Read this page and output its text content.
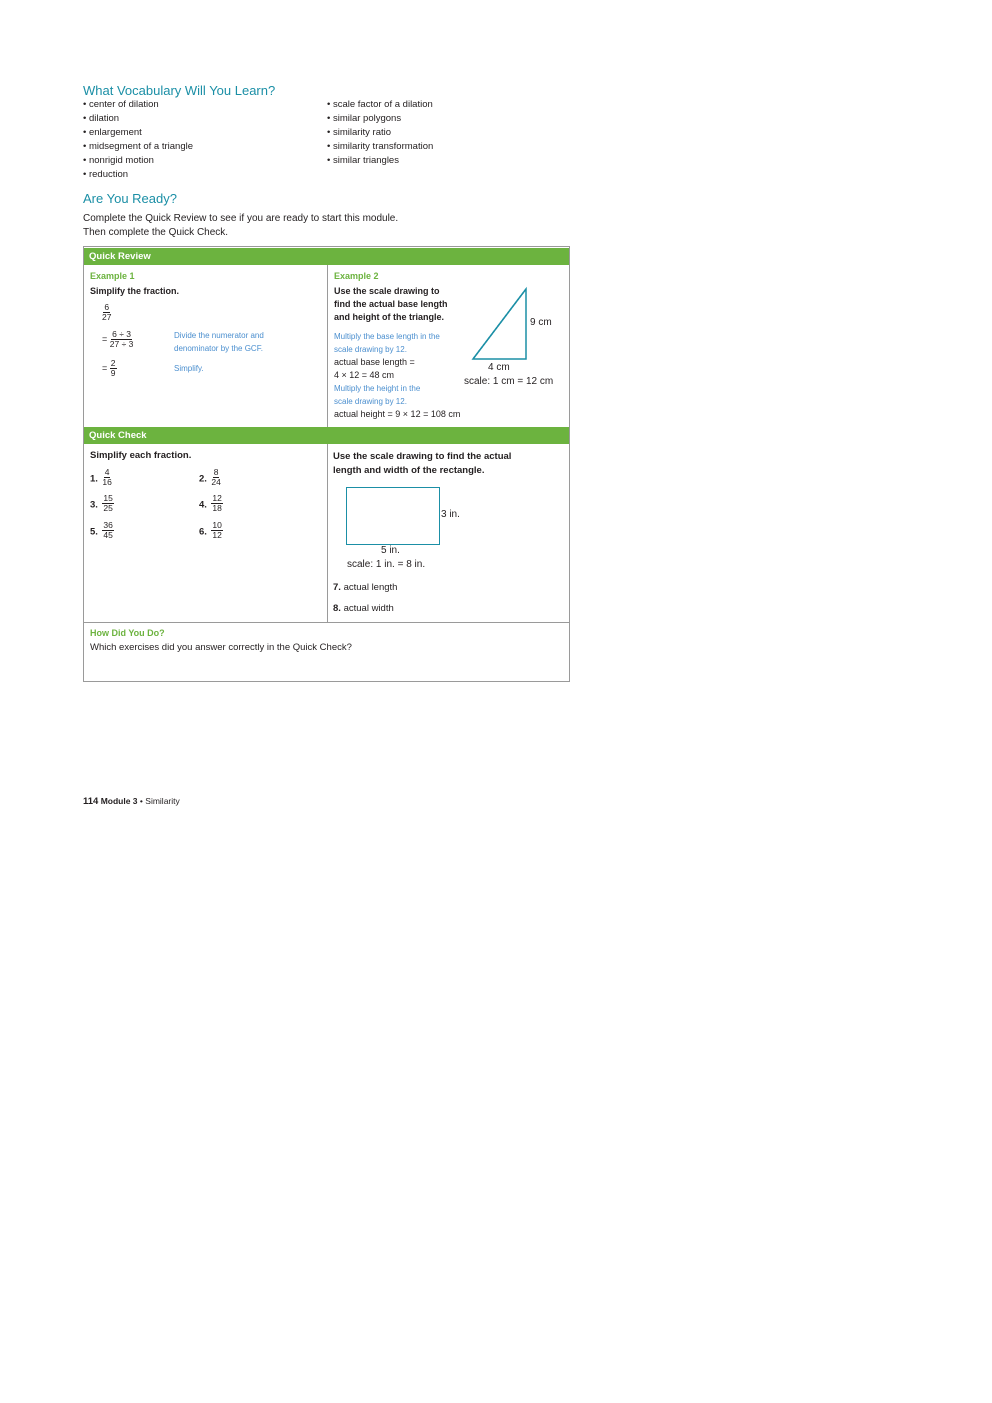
What Vocabulary Will You Learn?
• center of dilation
• dilation
• enlargement
• midsegment of a triangle
• nonrigid motion
• reduction
• scale factor of a dilation
• similar polygons
• similarity ratio
• similarity transformation
• similar triangles
Are You Ready?
Complete the Quick Review to see if you are ready to start this module.
Then complete the Quick Check.
Quick Review
Example 1
Simplify the fraction.
$\frac{6}{27}$
= $\frac{6 \div 3}{27 \div 3}$	Divide the numerator and
denominator by the GCF.
= $\frac{2}{9}$	Simplify.
Example 2
Use the scale drawing to
find the actual base length
and height of the triangle.
Multiply the base length in the
scale drawing by 12.
actual base length =
4 × 12 = 48 cm
Multiply the height in the
scale drawing by 12.
actual height = 9 × 12 = 108 cm
9 cm
4 cm
scale: 1 cm = 12 cm
Quick Check
Simplify each fraction.
1. $\frac{4}{16}$	2. $\frac{8}{24}$
3. $\frac{15}{25}$	4. $\frac{12}{18}$
5. $\frac{36}{45}$	6. $\frac{10}{12}$
Use the scale drawing to find the actual
length and width of the rectangle.
3 in.
5 in.
scale: 1 in. = 8 in.
7. actual length
8. actual width
How Did You Do?
Which exercises did you answer correctly in the Quick Check?
114 Module 3 • Similarity
